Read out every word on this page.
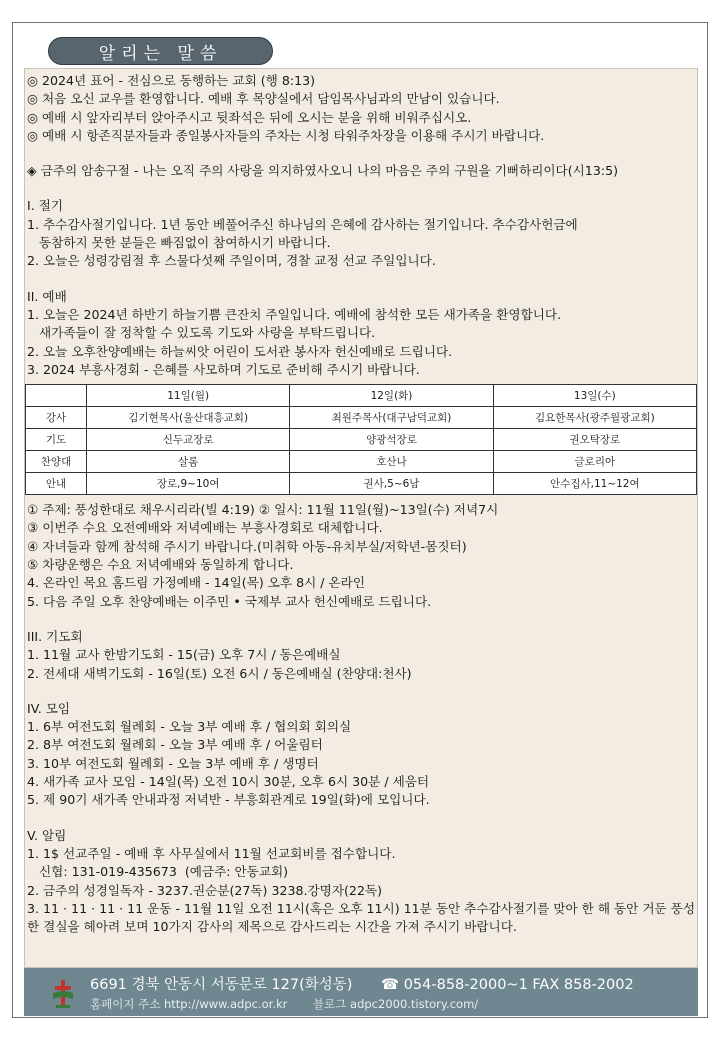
알리는 말씀
◎ 2024년 표어 - 전심으로 동행하는 교회 (행 8:13)
◎ 처음 오신 교우를 환영합니다. 예배 후 목양실에서 담임목사님과의 만남이 있습니다.
◎ 예배 시 앞자리부터 앉아주시고 뒷좌석은 뒤에 오시는 분을 위해 비워주십시오.
◎ 예배 시 항존직분자들과 종일봉사자들의 주차는 시청 타워주차장을 이용해 주시기 바랍니다.
◈ 금주의 암송구절 - 나는 오직 주의 사랑을 의지하였사오니 나의 마음은 주의 구원을 기뻐하리이다(시13:5)
I. 절기
1. 추수감사절기입니다. 1년 동안 베풀어주신 하나님의 은혜에 감사하는 절기입니다. 추수감사헌금에
동참하지 못한 분들은 빠짐없이 참여하시기 바랍니다.
2. 오늘은 성령강림절 후 스물다섯째 주일이며, 경찰 교정 선교 주일입니다.
II. 예배
1. 오늘은 2024년 하반기 하늘기쁨 큰잔치 주일입니다. 예배에 참석한 모든 새가족을 환영합니다.
새가족들이 잘 정착할 수 있도록 기도와 사랑을 부탁드립니다.
2. 오늘 오후찬양예배는 하늘씨앗 어린이 도서관 봉사자 헌신예배로 드립니다.
3. 2024 부흥사경회 - 은혜를 사모하며 기도로 준비해 주시기 바랍니다.
	11일(월)	12일(화)	13일(수)
강사	김기현목사(울산대흥교회)	최원주목사(대구남덕교회)	김요한목사(광주월광교회)
기도	신두교장로	양광석장로	권오탁장로
찬양대	살롬	호산나	글로리아
안내	장로,9~10여	권사,5~6남	안수집사,11~12여
① 주제: 풍성한대로 채우시리라(빌 4:19) ② 일시: 11월 11일(월)~13일(수) 저녁7시
③ 이번주 수요 오전예배와 저녁예배는 부흥사경회로 대체합니다.
④ 자녀들과 함께 참석해 주시기 바랍니다.(미취학 아동-유치부실/저학년-몸짓터)
⑤ 차량운행은 수요 저녁예배와 동일하게 합니다.
4. 온라인 목요 홈드림 가정예배 - 14일(목) 오후 8시 / 온라인
5. 다음 주일 오후 찬양예배는 이주민 • 국제부 교사 헌신예배로 드립니다.
III. 기도회
1. 11월 교사 한밤기도회 - 15(금) 오후 7시 / 동은예배실
2. 전세대 새벽기도회 - 16일(토) 오전 6시 / 동은예배실 (찬양대:천사)
IV. 모임
1. 6부 여전도회 월례회 - 오늘 3부 예배 후 / 협의회 회의실
2. 8부 여전도회 월례회 - 오늘 3부 예배 후 / 어울림터
3. 10부 여전도회 월례회 - 오늘 3부 예배 후 / 생명터
4. 새가족 교사 모임 - 14일(목) 오전 10시 30분, 오후 6시 30분 / 세움터
5. 제 90기 새가족 안내과정 저녁반 - 부흥회관계로 19일(화)에 모입니다.
V. 알림
1. 1$ 선교주일 - 예배 후 사무실에서 11월 선교회비를 접수합니다.
신협: 131-019-435673  (예금주: 안동교회)
2. 금주의 성경일독자 - 3237.권순분(27독) 3238.강명자(22독)
3. 11 · 11 · 11 · 11 운동 - 11월 11일 오전 11시(혹은 오후 11시) 11분 동안 추수감사절기를 맞아 한 해 동안 거둔 풍성한 결실을 헤아려 보며 10가지 감사의 제목으로 감사드리는 시간을 가져 주시기 바랍니다.
6691 경북 안동시 서동문로 127(화성동) ☎ 054-858-2000~1 FAX 858-2002
홈페이지 주소 http://www.adpc.or.kr 블로그 adpc2000.tistory.com/
